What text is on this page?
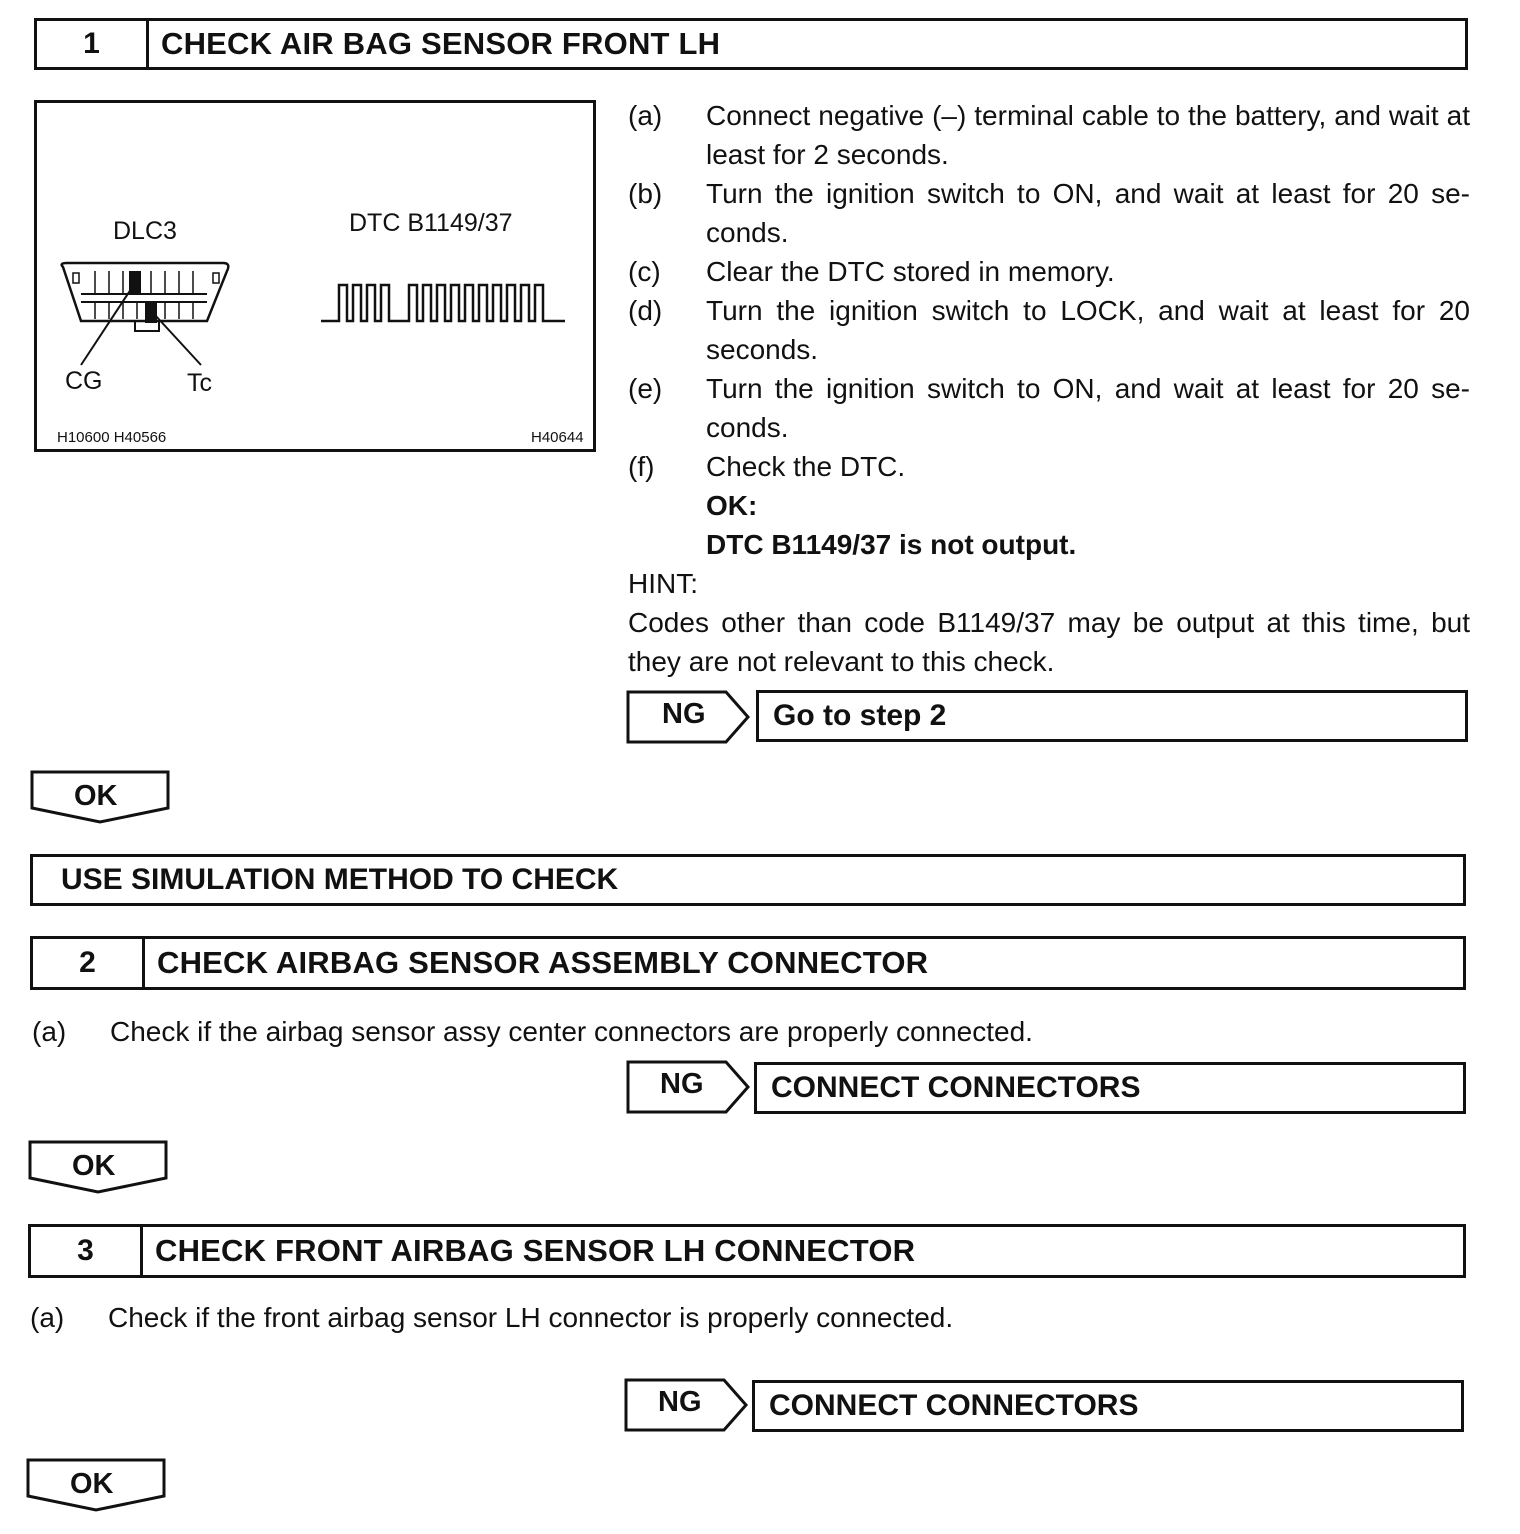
1	CHECK AIR BAG SENSOR FRONT LH
DLC3	DTC B1149/37
CG	Tc
H10600 H40566	H40644
(a)	Connect negative (–) terminal cable to the battery, and wait at least for 2 seconds.
(b)	Turn the ignition switch to ON, and wait at least for 20 se-conds.
(c)	Clear the DTC stored in memory.
(d)	Turn the ignition switch to LOCK, and wait at least for 20 seconds.
(e)	Turn the ignition switch to ON, and wait at least for 20 se-conds.
(f)	Check the DTC.
OK:
DTC B1149/37 is not output.
HINT:
Codes other than code B1149/37 may be output at this time, but they are not relevant to this check.
NG	Go to step 2
OK
USE SIMULATION METHOD TO CHECK
2	CHECK AIRBAG SENSOR ASSEMBLY CONNECTOR
(a) Check if the airbag sensor assy center connectors are properly connected.
NG	CONNECT CONNECTORS
OK
3	CHECK FRONT AIRBAG SENSOR LH CONNECTOR
(a) Check if the front airbag sensor LH connector is properly connected.
NG	CONNECT CONNECTORS
OK
